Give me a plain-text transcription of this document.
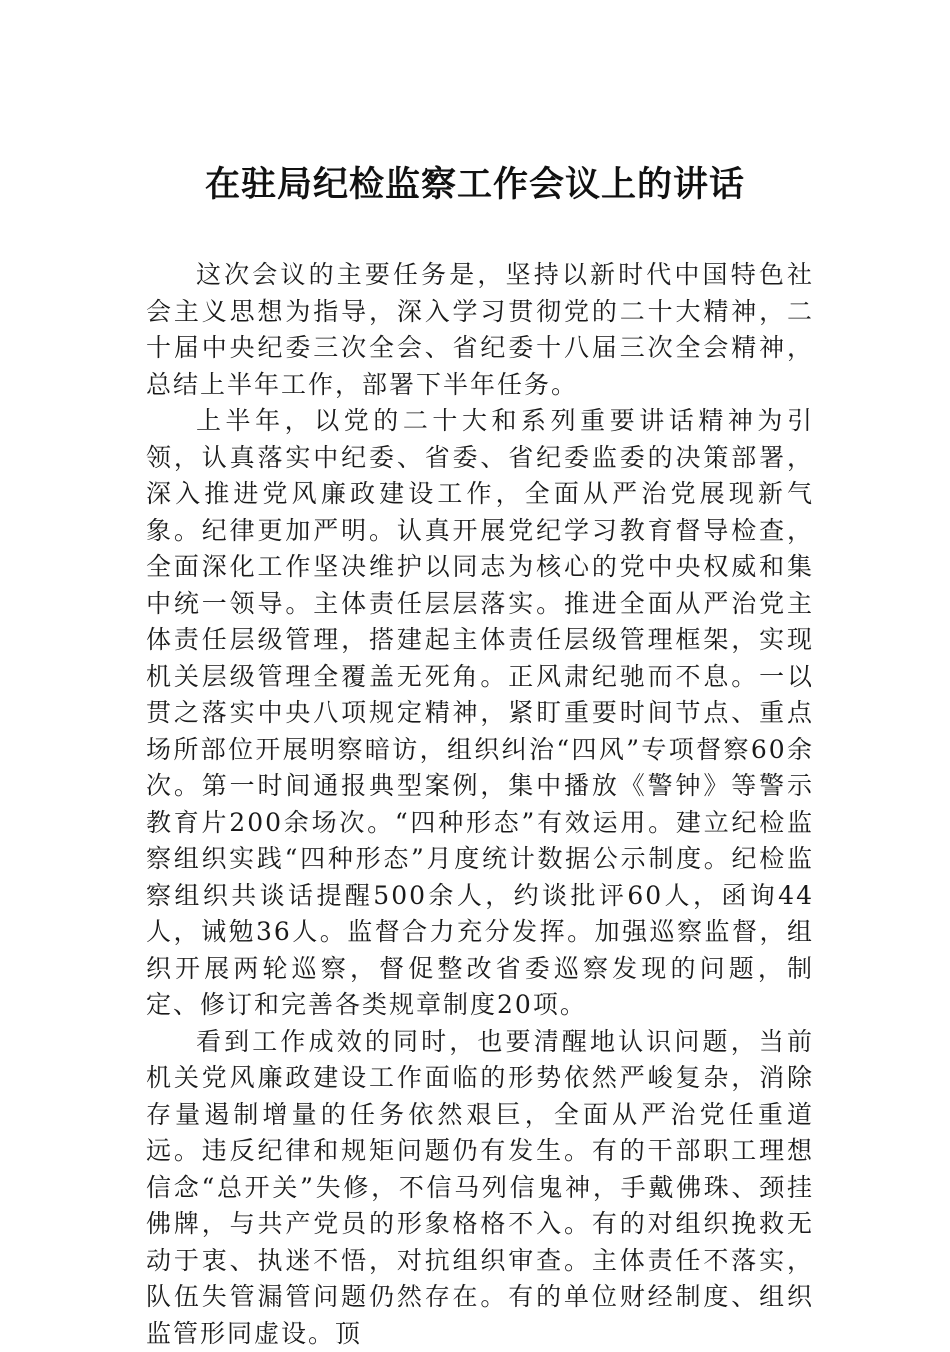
在驻局纪检监察工作会议上的讲话

这次会议的主要任务是，坚持以新时代中国特色社会主义思想为指导，深入学习贯彻党的二十大精神，二十届中央纪委三次全会、省纪委十八届三次全会精神，总结上半年工作，部署下半年任务。

上半年，以党的二十大和系列重要讲话精神为引领，认真落实中纪委、省委、省纪委监委的决策部署，深入推进党风廉政建设工作，全面从严治党展现新气象。纪律更加严明。认真开展党纪学习教育督导检查，全面深化工作坚决维护以同志为核心的党中央权威和集中统一领导。主体责任层层落实。推进全面从严治党主体责任层级管理，搭建起主体责任层级管理框架，实现机关层级管理全覆盖无死角。正风肃纪驰而不息。一以贯之落实中央八项规定精神，紧盯重要时间节点、重点场所部位开展明察暗访，组织纠治“四风”专项督察60余次。第一时间通报典型案例，集中播放《警钟》等警示教育片200余场次。“四种形态”有效运用。建立纪检监察组织实践“四种形态”月度统计数据公示制度。纪检监察组织共谈话提醒500余人，约谈批评60人，函询44人，诫勉36人。监督合力充分发挥。加强巡察监督，组织开展两轮巡察，督促整改省委巡察发现的问题，制定、修订和完善各类规章制度20项。

看到工作成效的同时，也要清醒地认识问题，当前机关党风廉政建设工作面临的形势依然严峻复杂，消除存量遏制增量的任务依然艰巨，全面从严治党任重道远。违反纪律和规矩问题仍有发生。有的干部职工理想信念“总开关”失修，不信马列信鬼神，手戴佛珠、颈挂佛牌，与共产党员的形象格格不入。有的对组织挽救无动于衷、执迷不悟，对抗组织审查。主体责任不落实，队伍失管漏管问题仍然存在。有的单位财经制度、组织监管形同虚设。顶
